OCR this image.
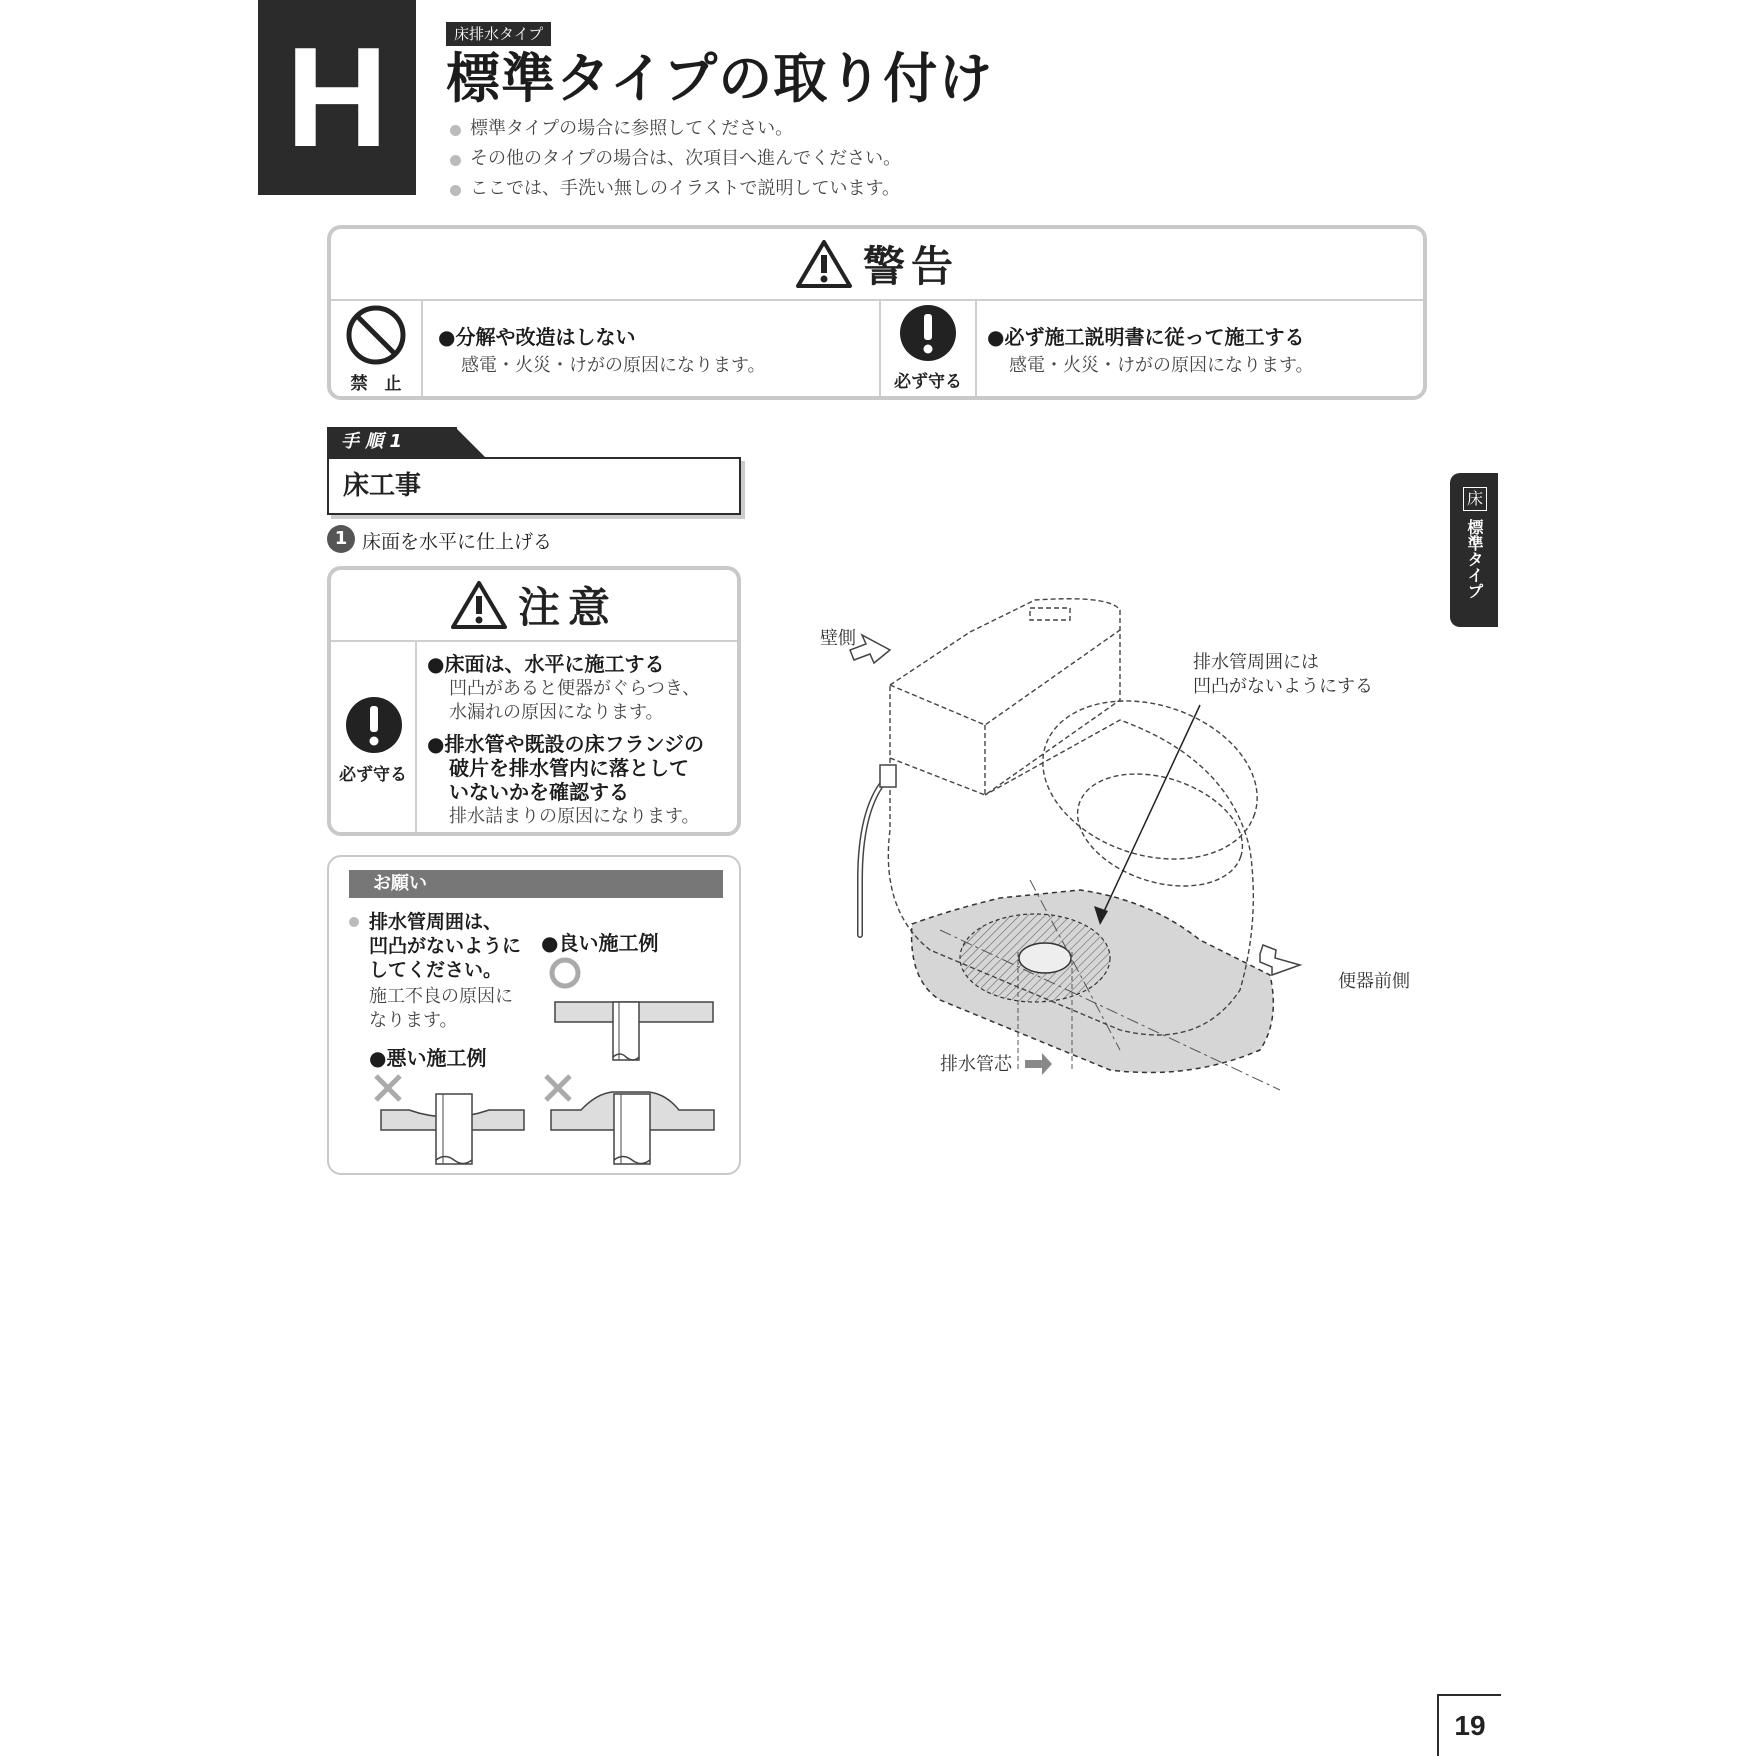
H	床排水タイプ
標準タイプの取り付け
標準タイプの場合に参照してください。
その他のタイプの場合は、次項目へ進んでください。
ここでは、手洗い無しのイラストで説明しています。
警告
禁　止
●分解や改造はしない
感電・火災・けがの原因になります。
必ず守る
●必ず施工説明書に従って施工する
感電・火災・けがの原因になります。
手 順 1
床工事
1 床面を水平に仕上げる
注意
必ず守る
●床面は、水平に施工する
凹凸があると便器がぐらつき、
水漏れの原因になります。
●排水管や既設の床フランジの
破片を排水管内に落として
いないかを確認する
排水詰まりの原因になります。
お願い
排水管周囲は、
凹凸がないように
してください。
施工不良の原因に
なります。
●良い施工例
●悪い施工例
壁側
排水管周囲には
凹凸がないようにする
便器前側
排水管芯
床
標準タイプ
19
